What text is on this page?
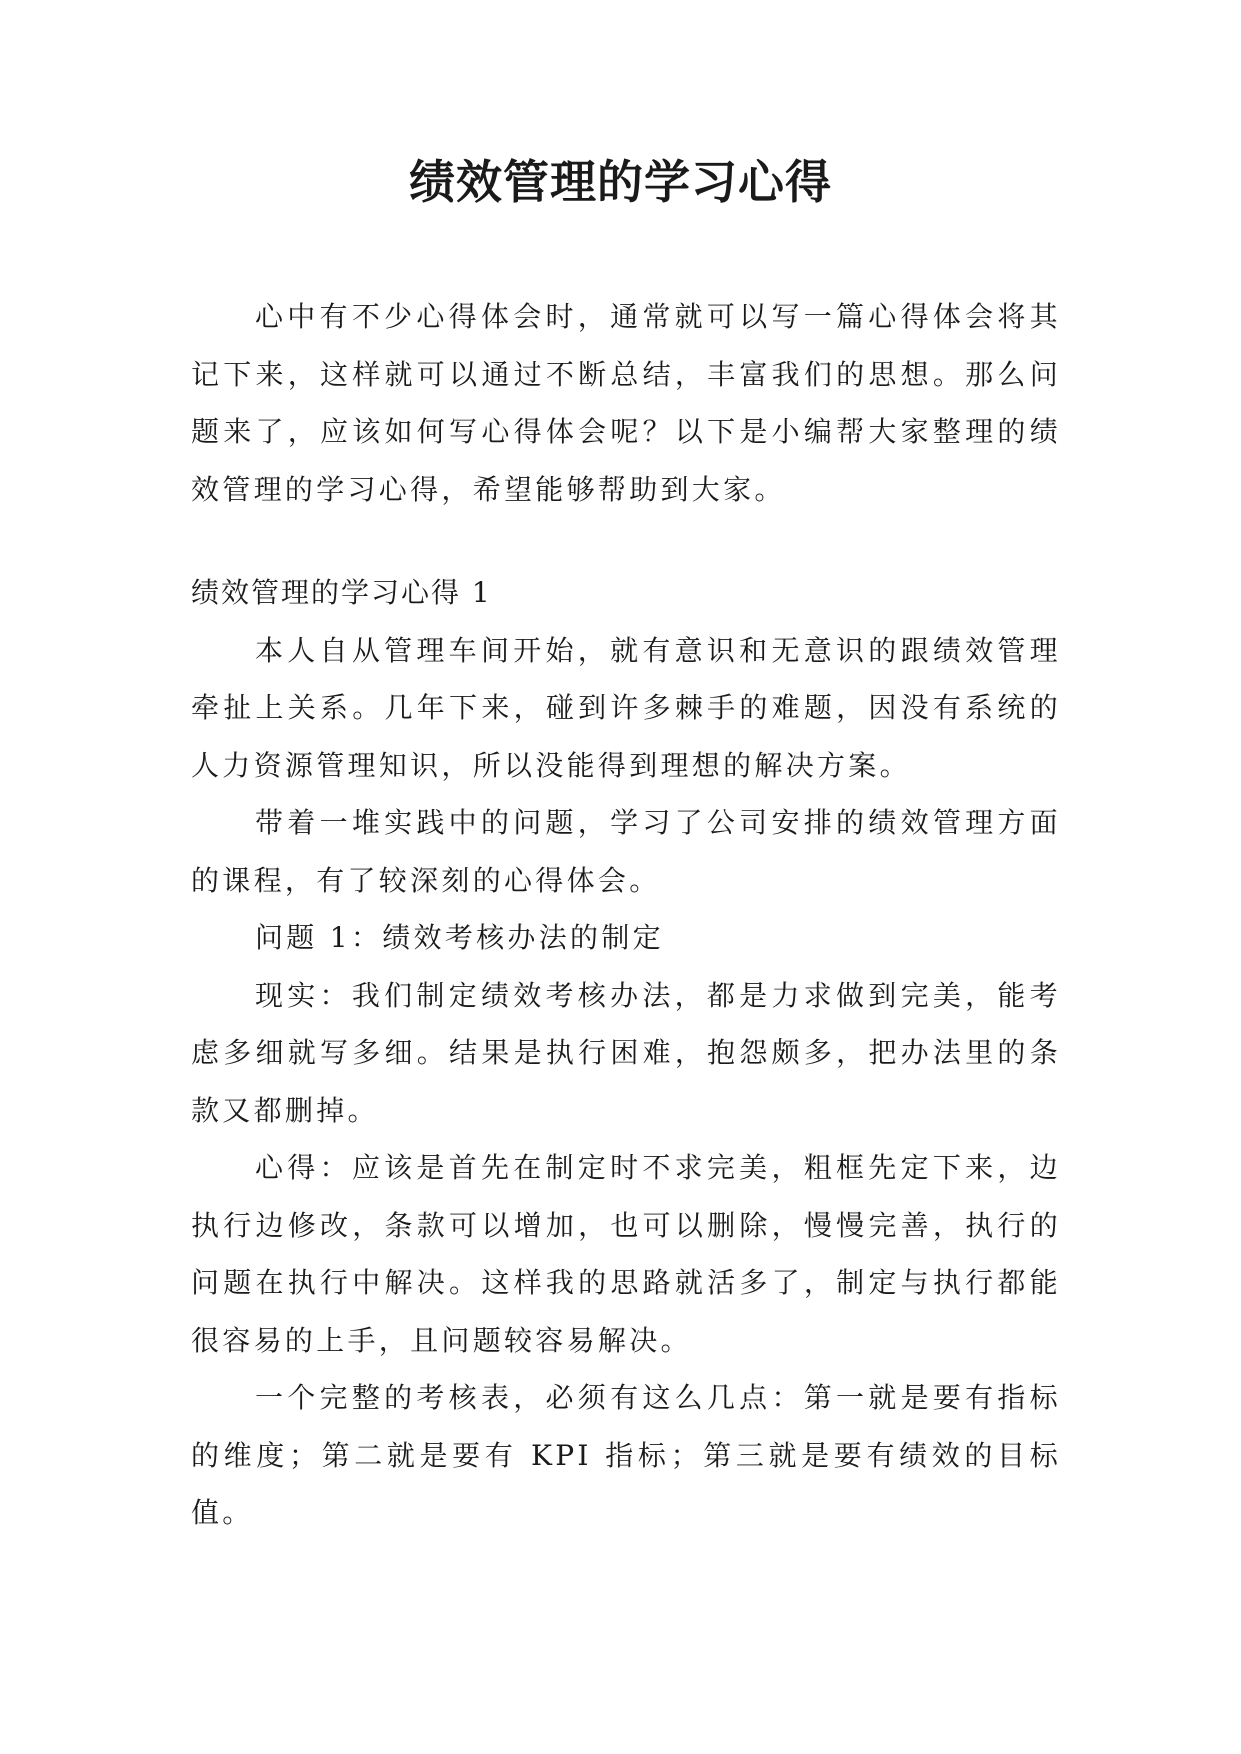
绩效管理的学习心得

心中有不少心得体会时，通常就可以写一篇心得体会将其记下来，这样就可以通过不断总结，丰富我们的思想。那么问题来了，应该如何写心得体会呢？以下是小编帮大家整理的绩效管理的学习心得，希望能够帮助到大家。

绩效管理的学习心得 1

本人自从管理车间开始，就有意识和无意识的跟绩效管理牵扯上关系。几年下来，碰到许多棘手的难题，因没有系统的人力资源管理知识，所以没能得到理想的解决方案。

带着一堆实践中的问题，学习了公司安排的绩效管理方面的课程，有了较深刻的心得体会。

问题 1：绩效考核办法的制定

现实：我们制定绩效考核办法，都是力求做到完美，能考虑多细就写多细。结果是执行困难，抱怨颇多，把办法里的条款又都删掉。

心得：应该是首先在制定时不求完美，粗框先定下来，边执行边修改，条款可以增加，也可以删除，慢慢完善，执行的问题在执行中解决。这样我的思路就活多了，制定与执行都能很容易的上手，且问题较容易解决。

一个完整的考核表，必须有这么几点：第一就是要有指标的维度；第二就是要有 KPI 指标；第三就是要有绩效的目标值。
